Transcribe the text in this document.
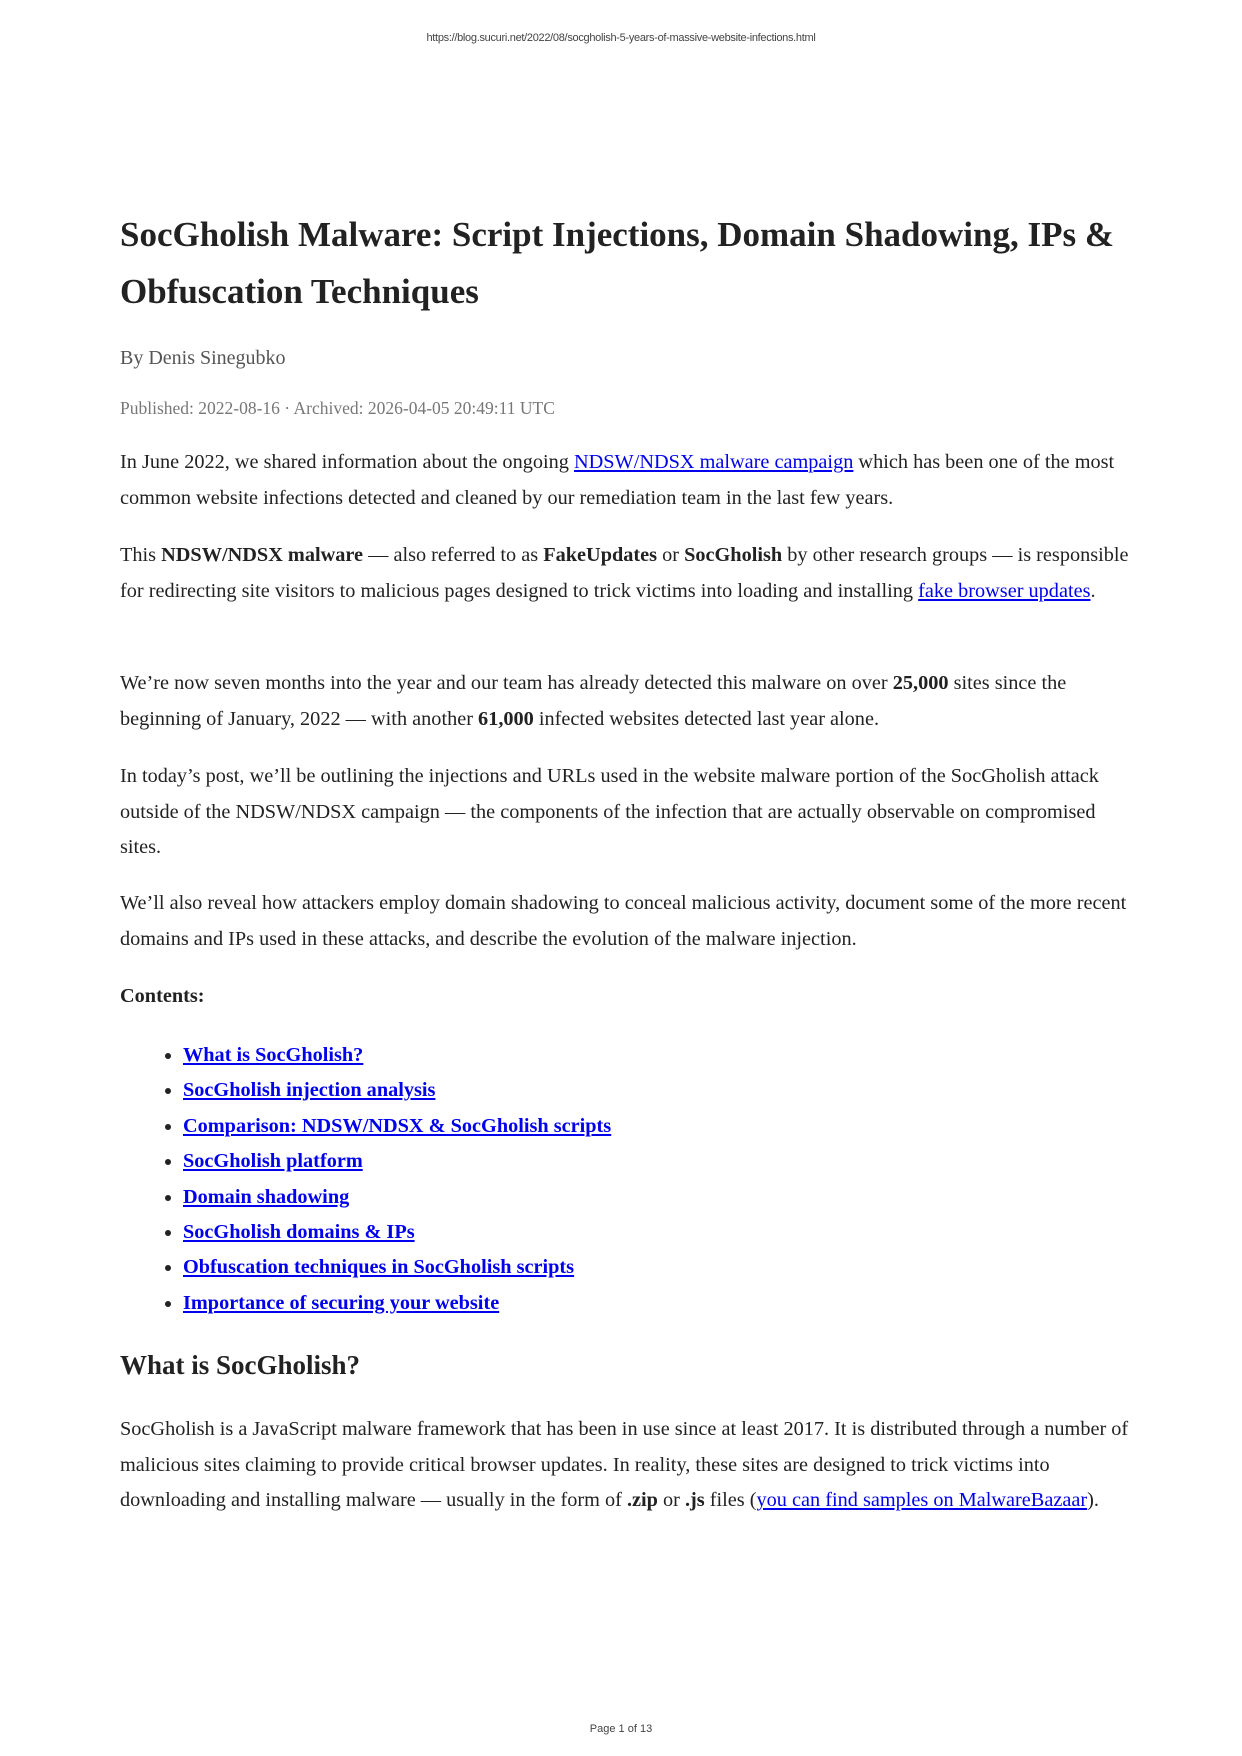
https://blog.sucuri.net/2022/08/socgholish-5-years-of-massive-website-infections.html
SocGholish Malware: Script Injections, Domain Shadowing, IPs & Obfuscation Techniques
By Denis Sinegubko
Published: 2022-08-16 · Archived: 2026-04-05 20:49:11 UTC

In June 2022, we shared information about the ongoing NDSW/NDSX malware campaign which has been one of the most common website infections detected and cleaned by our remediation team in the last few years.

This NDSW/NDSX malware — also referred to as FakeUpdates or SocGholish by other research groups — is responsible for redirecting site visitors to malicious pages designed to trick victims into loading and installing fake browser updates.

We’re now seven months into the year and our team has already detected this malware on over 25,000 sites since the beginning of January, 2022 — with another 61,000 infected websites detected last year alone.

In today’s post, we’ll be outlining the injections and URLs used in the website malware portion of the SocGholish attack outside of the NDSW/NDSX campaign — the components of the infection that are actually observable on compromised sites.

We’ll also reveal how attackers employ domain shadowing to conceal malicious activity, document some of the more recent domains and IPs used in these attacks, and describe the evolution of the malware injection.

Contents:
• What is SocGholish?
• SocGholish injection analysis
• Comparison: NDSW/NDSX & SocGholish scripts
• SocGholish platform
• Domain shadowing
• SocGholish domains & IPs
• Obfuscation techniques in SocGholish scripts
• Importance of securing your website
What is SocGholish?

SocGholish is a JavaScript malware framework that has been in use since at least 2017. It is distributed through a number of malicious sites claiming to provide critical browser updates. In reality, these sites are designed to trick victims into downloading and installing malware — usually in the form of .zip or .js files (you can find samples on MalwareBazaar).

Page 1 of 13
